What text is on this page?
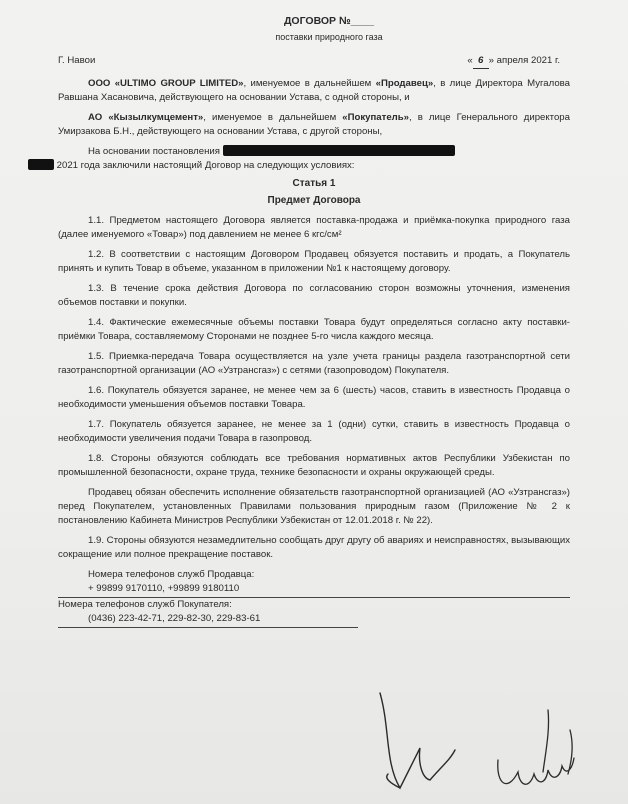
ДОГОВОР №____
поставки природного газа
Г. Навои	« 6 » апреля 2021 г.

ООО «ULTIMO GROUP LIMITED», именуемое в дальнейшем «Продавец», в лице Директора Мугалова Равшана Хасановича, действующего на основании Устава, с одной стороны, и

АО «Кызылкумцемент», именуемое в дальнейшем «Покупатель», в лице Генерального директора Умирзакова Б.Н., действующего на основании Устава, с другой стороны,

На основании постановления
2021 года заключили настоящий Договор на следующих условиях:

Статья 1
Предмет Договора

1.1. Предметом настоящего Договора является поставка-продажа и приёмка-покупка природного газа (далее именуемого «Товар») под давлением не менее 6 кгс/см²

1.2. В соответствии с настоящим Договором Продавец обязуется поставить и продать, а Покупатель принять и купить Товар в объеме, указанном в приложении №1 к настоящему договору.

1.3. В течение срока действия Договора по согласованию сторон возможны уточнения, изменения объемов поставки и покупки.

1.4. Фактические ежемесячные объемы поставки Товара будут определяться согласно акту поставки-приёмки Товара, составляемому Сторонами не позднее 5-го числа каждого месяца.

1.5. Приемка-передача Товара осуществляется на узле учета границы раздела газотранспортной сети газотранспортной организации (АО «Узтрансгаз») с сетями (газопроводом) Покупателя.

1.6. Покупатель обязуется заранее, не менее чем за 6 (шесть) часов, ставить в известность Продавца о необходимости уменьшения объемов поставки Товара.

1.7. Покупатель обязуется заранее, не менее за 1 (одни) сутки, ставить в известность Продавца о необходимости увеличения подачи Товара в газопровод.

1.8. Стороны обязуются соблюдать все требования нормативных актов Республики Узбекистан по промышленной безопасности, охране труда, технике безопасности и охраны окружающей среды.

Продавец обязан обеспечить исполнение обязательств газотранспортной организацией (АО «Узтрансгаз») перед Покупателем, установленных Правилами пользования природным газом (Приложение № 2 к постановлению Кабинета Министров Республики Узбекистан от 12.01.2018 г. № 22).

1.9. Стороны обязуются незамедлительно сообщать друг другу об авариях и неисправностях, вызывающих сокращение или полное прекращение поставок.

Номера телефонов служб Продавца:
+ 99899 9170110, +99899 9180110
Номера телефонов служб Покупателя:
(0436) 223-42-71, 229-82-30, 229-83-61
